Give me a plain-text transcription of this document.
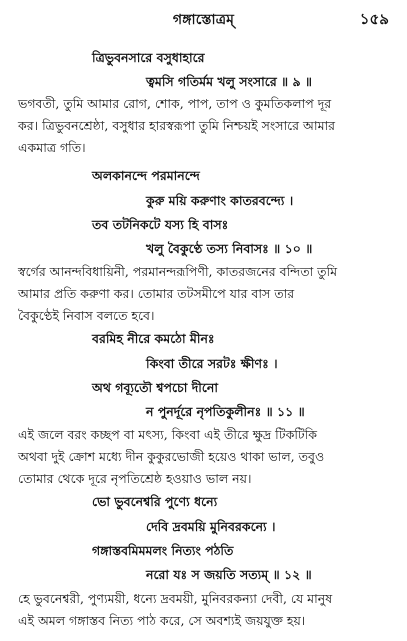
গঙ্গাস্তোত্রম্	১৫৯
ত্রিভুবনসারে বসুধাহারে
ত্বমসি গতির্মম খলু সংসারে ॥ ৯ ॥
ভগবতী, তুমি আমার রোগ, শোক, পাপ, তাপ ও কুমতিকলাপ দূর
কর। ত্রিভুবনশ্রেষ্ঠা, বসুধার হারস্বরূপা তুমি নিশ্চয়ই সংসারে আমার
একমাত্র গতি।
অলকানন্দে পরমানন্দে
কুরু ময়ি করুণাং কাতরবন্দ্যে ।
তব তটনিকটে যস্য হি বাসঃ
খলু বৈকুণ্ঠে তস্য নিবাসঃ ॥ ১০ ॥
স্বর্গের আনন্দবিধায়িনী, পরমানন্দরূপিণী, কাতরজনের বন্দিতা তুমি
আমার প্রতি করুণা কর। তোমার তটসমীপে যার বাস তার
বৈকুণ্ঠেই নিবাস বলতে হবে।
বরমিহ নীরে কমঠো মীনঃ
কিংবা তীরে সরটঃ ক্ষীণঃ ।
অথ গব্যূতৌ শ্বপচো দীনো
ন পুনর্দূরে নৃপতিকুলীনঃ ॥ ১১ ॥
এই জলে বরং কচ্ছপ বা মৎস্য, কিংবা এই তীরে ক্ষুদ্র টিকটিকি
অথবা দুই ক্রোশ মধ্যে দীন কুকুরভোজী হয়েও থাকা ভাল, তবুও
তোমার থেকে দূরে নৃপতিশ্রেষ্ঠ হওয়াও ভাল নয়।
ভো ভুবনেশ্বরি পুণ্যে ধন্যে
দেবি দ্রবময়ি মুনিবরকন্যে ।
গঙ্গাস্তবমিমমলং নিত্যং পঠতি
নরো যঃ স জয়তি সত্যম্ ॥ ১২ ॥
হে ভুবনেশ্বরী, পুণ্যময়ী, ধন্যে দ্রবময়ী, মুনিবরকন্যা দেবী, যে মানুষ
এই অমল গঙ্গাস্তব নিত্য পাঠ করে, সে অবশ্যই জয়যুক্ত হয়।
